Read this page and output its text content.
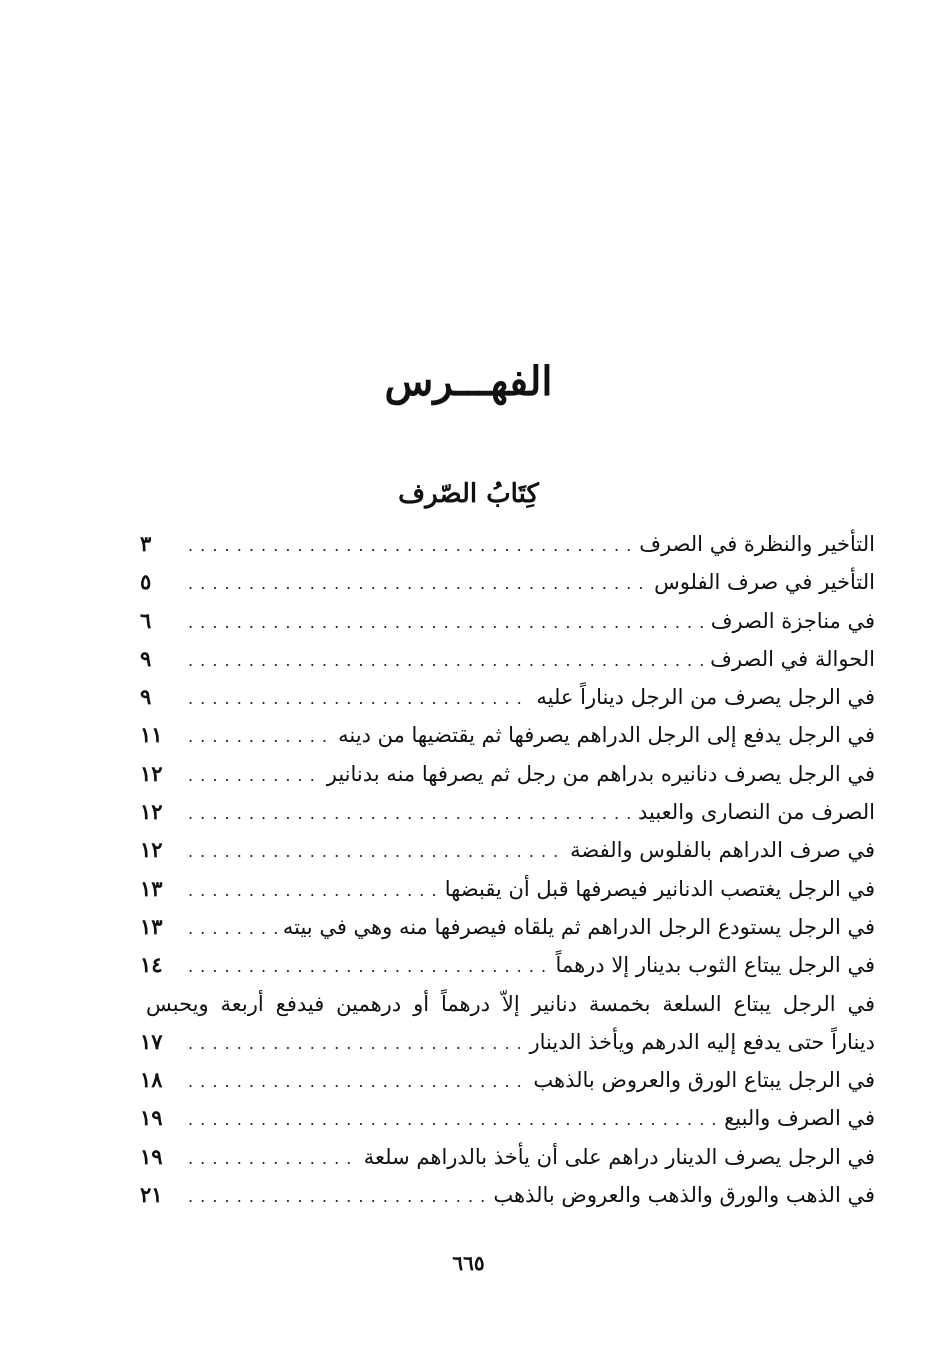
الفهـــرس
كِتَابُ الصّرف
التأخير والنظرة في الصرف
. . .
٣
التأخير في صرف الفلوس
. . .
٥
في مناجزة الصرف
. . .
٦
الحوالة في الصرف
. . .
٩
في الرجل يصرف من الرجل ديناراً عليه
. . .
٩
في الرجل يدفع إلى الرجل الدراهم يصرفها ثم يقتضيها من دينه
. . .
١١
في الرجل يصرف دنانيره بدراهم من رجل ثم يصرفها منه بدنانير
. . .
١٢
الصرف من النصارى والعبيد
. . .
١٢
في صرف الدراهم بالفلوس والفضة
. . .
١٢
في الرجل يغتصب الدنانير فيصرفها قبل أن يقبضها
. . .
١٣
في الرجل يستودع الرجل الدراهم ثم يلقاه فيصرفها منه وهي في بيته
. . .
١٣
في الرجل يبتاع الثوب بدينار إلا درهماً
. . .
١٤
في الرجل يبتاع السلعة بخمسة دنانير إلاّ درهماً أو درهمين فيدفع أربعة ويحبس
ديناراً حتى يدفع إليه الدرهم ويأخذ الدينار
. . .
١٧
في الرجل يبتاع الورق والعروض بالذهب
. . .
١٨
في الصرف والبيع
. . .
١٩
في الرجل يصرف الدينار دراهم على أن يأخذ بالدراهم سلعة
. . .
١٩
في الذهب والورق والذهب والعروض بالذهب
. . .
٢١
٦٦٥
